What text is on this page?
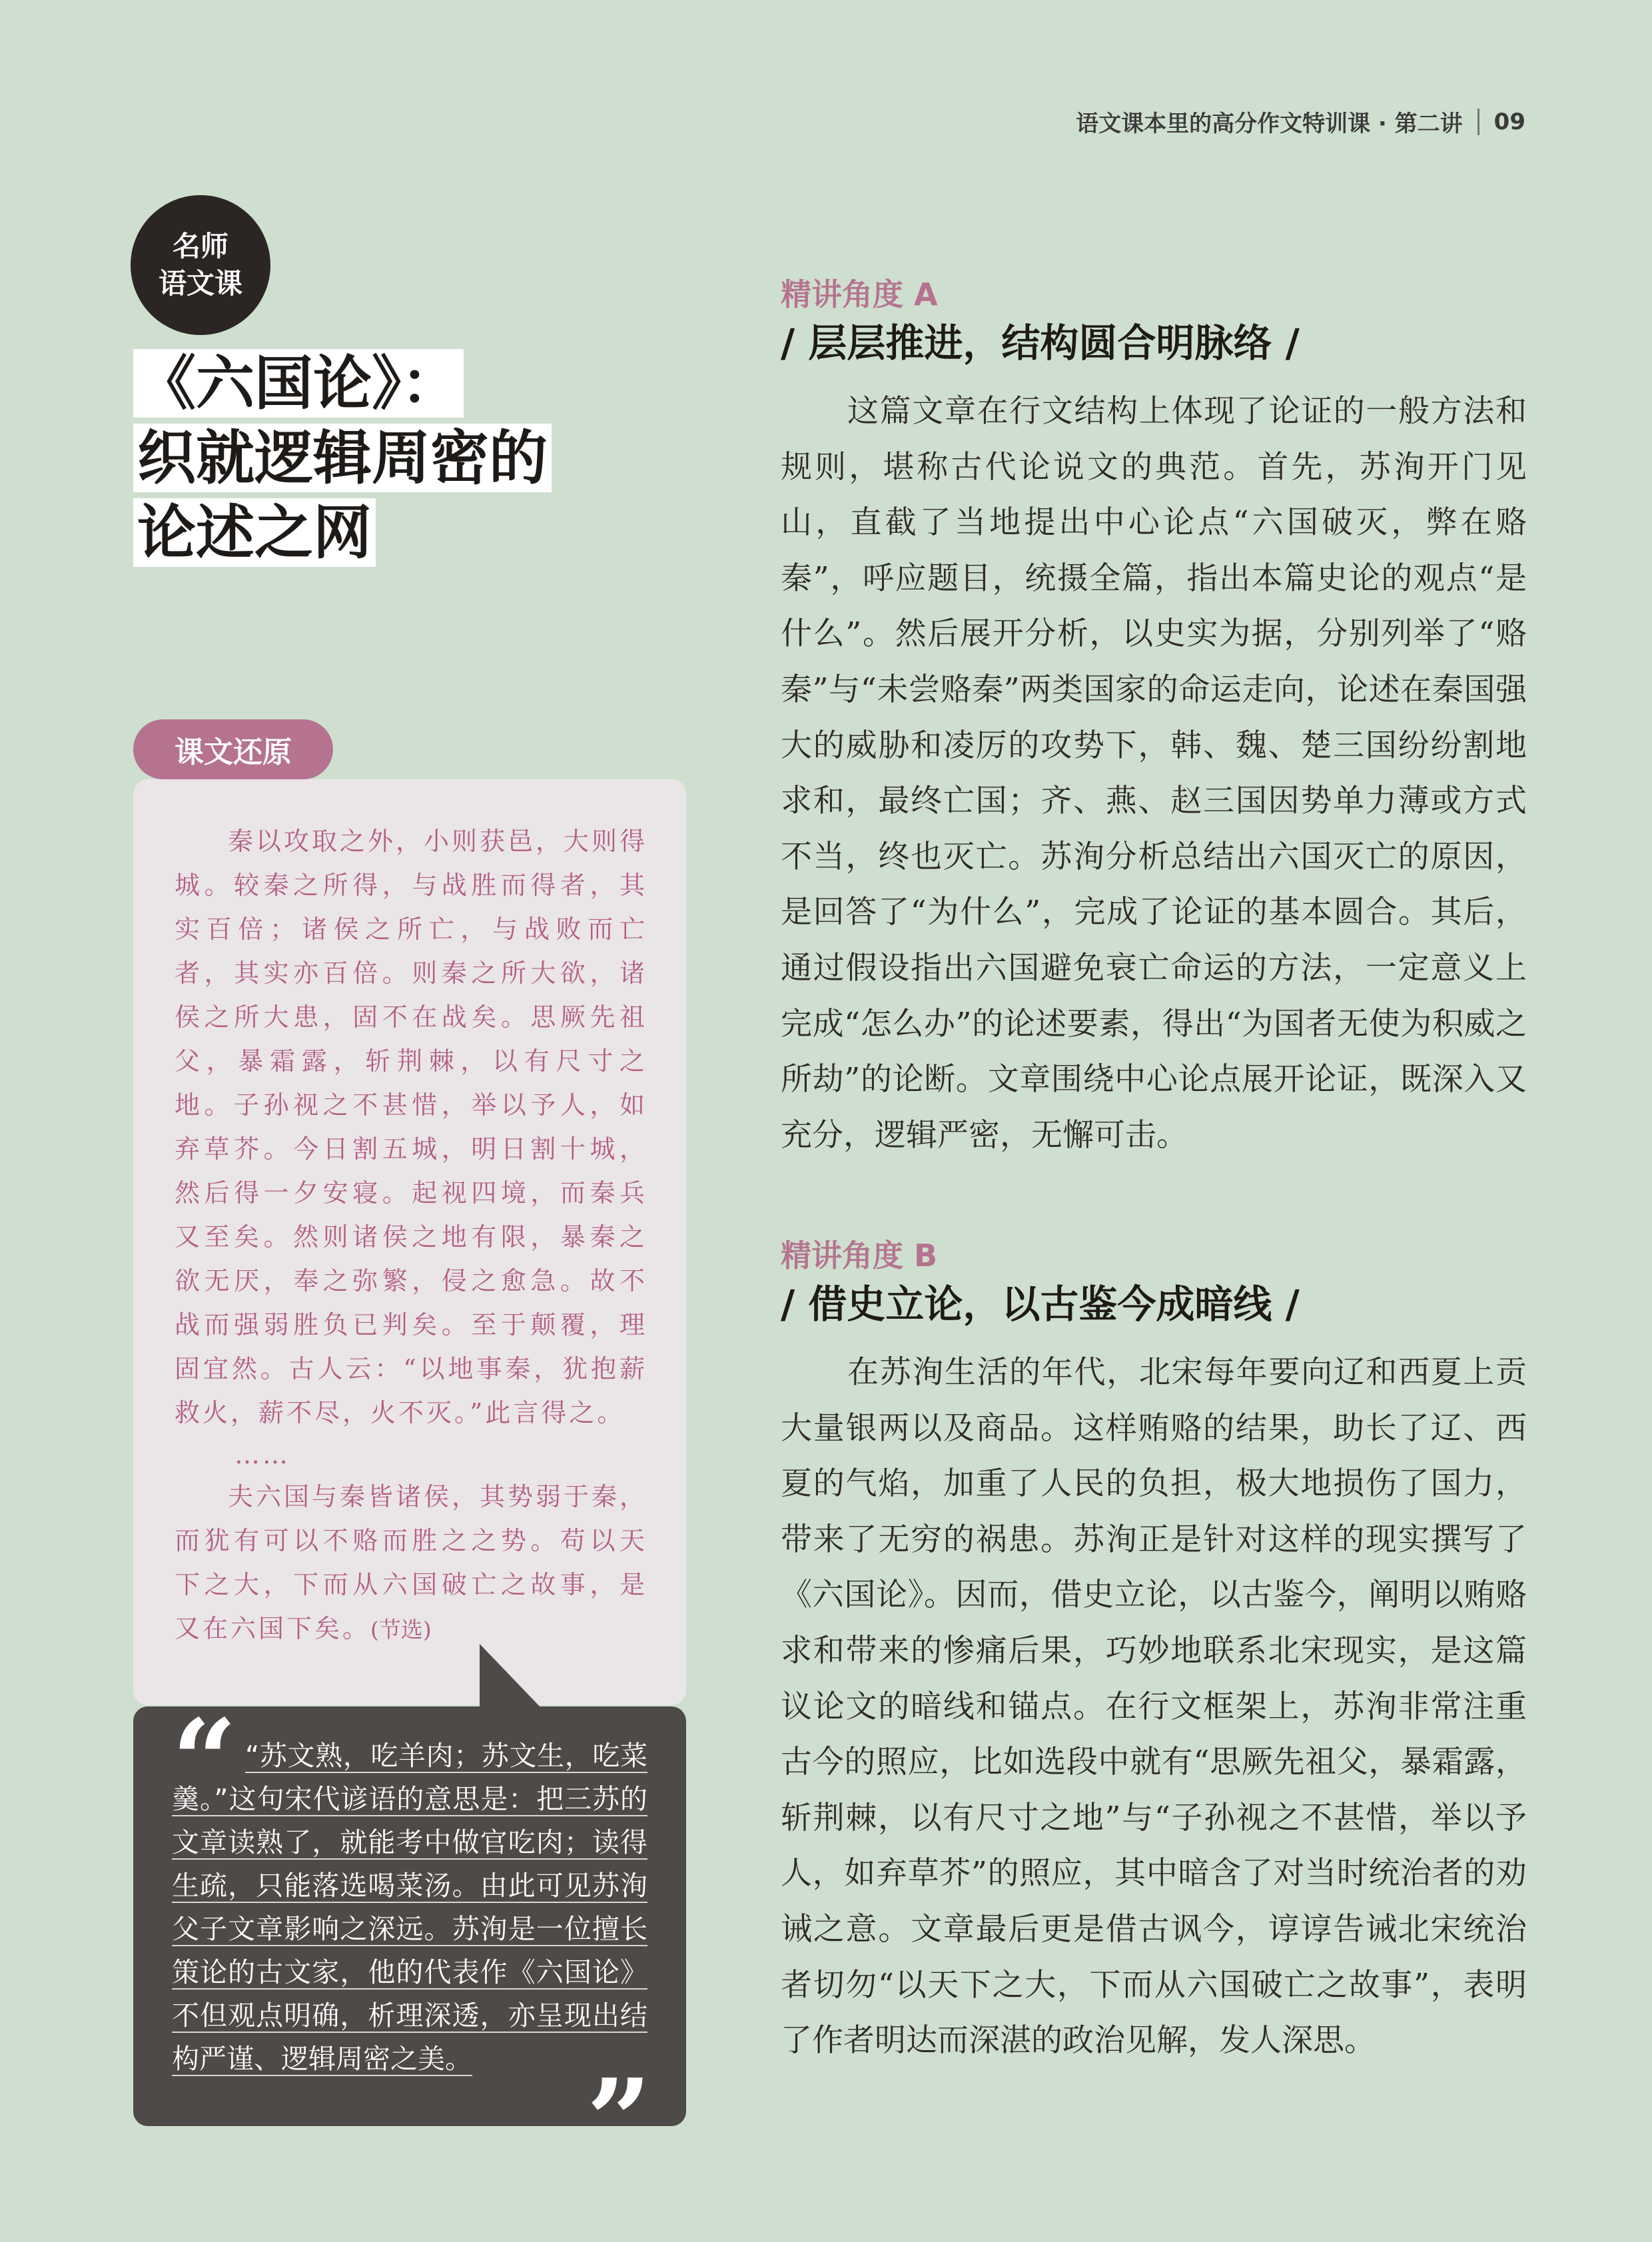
语文课本里的高分作文特训课 · 第二讲 09
名师
语文课
《六国论》：
织就逻辑周密的
论述之网
课文还原

秦以攻取之外，小则获邑，大则得城。较秦之所得，与战胜而得者，其实百倍；诸侯之所亡，与战败而亡者，其实亦百倍。则秦之所大欲，诸侯之所大患，固不在战矣。思厥先祖父，暴霜露，斩荆棘，以有尺寸之地。子孙视之不甚惜，举以予人，如弃草芥。今日割五城，明日割十城，然后得一夕安寝。起视四境，而秦兵又至矣。然则诸侯之地有限，暴秦之欲无厌，奉之弥繁，侵之愈急。故不战而强弱胜负已判矣。至于颠覆，理固宜然。古人云：“以地事秦，犹抱薪救火，薪不尽，火不灭。”此言得之。

……

夫六国与秦皆诸侯，其势弱于秦，而犹有可以不赂而胜之之势。苟以天下之大，下而从六国破亡之故事，是又在六国下矣。(节选)

“ “苏文熟，吃羊肉；苏文生，吃菜羹。”这句宋代谚语的意思是：把三苏的文章读熟了，就能考中做官吃肉；读得生疏，只能落选喝菜汤。由此可见苏洵父子文章影响之深远。苏洵是一位擅长策论的古文家，他的代表作《六国论》不但观点明确，析理深透，亦呈现出结构严谨、逻辑周密之美。	”
精讲角度 A
/ 层层推进，结构圆合明脉络 /

这篇文章在行文结构上体现了论证的一般方法和规则，堪称古代论说文的典范。首先，苏洵开门见山，直截了当地提出中心论点“六国破灭，弊在赂秦”，呼应题目，统摄全篇，指出本篇史论的观点“是什么”。然后展开分析，以史实为据，分别列举了“赂秦”与“未尝赂秦”两类国家的命运走向，论述在秦国强大的威胁和凌厉的攻势下，韩、魏、楚三国纷纷割地求和，最终亡国；齐、燕、赵三国因势单力薄或方式不当，终也灭亡。苏洵分析总结出六国灭亡的原因，是回答了“为什么”，完成了论证的基本圆合。其后，通过假设指出六国避免衰亡命运的方法，一定意义上完成“怎么办”的论述要素，得出“为国者无使为积威之所劫”的论断。文章围绕中心论点展开论证，既深入又充分，逻辑严密，无懈可击。

精讲角度 B
/ 借史立论，以古鉴今成暗线 /

在苏洵生活的年代，北宋每年要向辽和西夏上贡大量银两以及商品。这样贿赂的结果，助长了辽、西夏的气焰，加重了人民的负担，极大地损伤了国力，带来了无穷的祸患。苏洵正是针对这样的现实撰写了《六国论》。因而，借史立论，以古鉴今，阐明以贿赂求和带来的惨痛后果，巧妙地联系北宋现实，是这篇议论文的暗线和锚点。在行文框架上，苏洵非常注重古今的照应，比如选段中就有“思厥先祖父，暴霜露，斩荆棘，以有尺寸之地”与“子孙视之不甚惜，举以予人，如弃草芥”的照应，其中暗含了对当时统治者的劝诫之意。文章最后更是借古讽今，谆谆告诫北宋统治者切勿“以天下之大，下而从六国破亡之故事”，表明了作者明达而深湛的政治见解，发人深思。
